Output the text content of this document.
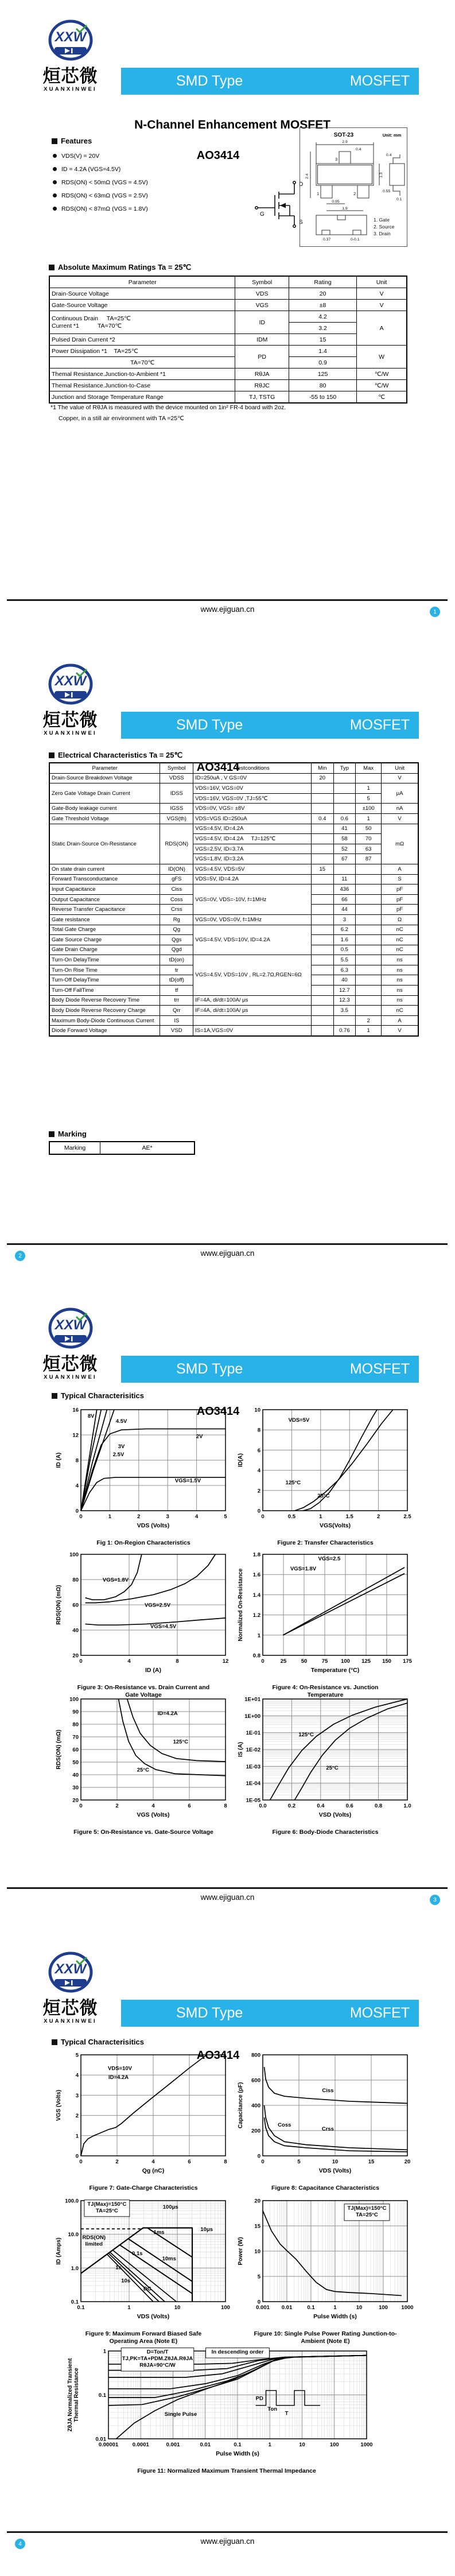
XXW
烜芯微
XUANXINWEI
SMD Type	MOSFET
N-Channel Enhancement MOSFET
AO3414
Features
VDS(V) = 20V
ID = 4.2A (VGS=4.5V)
RDS(ON) < 50mΩ (VGS = 4.5V)
RDS(ON) < 63mΩ (VGS = 2.5V)
RDS(ON) < 87mΩ (VGS = 1.8V)
G
D
S
SOT-23	Unit: mm
2.9
0.4
2.4	1.3
0.95
1.9
0.4
0.55
0.1
0.37	0-0.1
3
1	2
1. Gate
2. Source
3. Drain
Absolute Maximum Ratings Ta = 25℃
Parameter	Symbol	Rating	Unit
Drain-Source Voltage	VDS	20	V
Gate-Source Voltage	VGS	±8	V

Continuous Drain     TA=25℃
Current *1           TA=70℃	ID	4.2	A
		3.2	
Pulsed Drain Current *2	IDM	15	
Power Dissipation *1    TA=25℃	PD	1.4	W
TA=70℃		0.9	
Themal Resistance.Junction-to-Ambient *1	RθJA	125	℃/W
Themal Resistance.Junction-to-Case	RθJC	80	℃/W
Junction and Storage Temperature Range	TJ, TSTG	-55 to 150	℃
*1 The value of RθJA is measured with the device mounted on 1in² FR-4 board with 2oz.
Copper, in a still air environment with TA =25℃
www.ejiguan.cn	1
XXW
烜芯微
XUANXINWEI
SMD Type	MOSFET
AO3414
Electrical Characteristics Ta = 25℃
Parameter	Symbol	Testconditions	Min	Typ	Max	Unit
Drain-Source Breakdown Voltage	VDSS	ID=250uA , V GS=0V	20			V
Zero Gate Voltage Drain Current	IDSS	VDS=16V, VGS=0V			1	μA
		VDS=16V, VGS=0V ,TJ=55℃			5	
Gate-Body leakage current	IGSS	VDS=0V, VGS= ±8V			±100	nA
Gate Threshold Voltage	VGS(th)	VDS=VGS ID=250uA	0.4	0.6	1	V
Static Drain-Source On-Resistance	RDS(ON)	VGS=4.5V, ID=4.2A		41	50	mΩ
		VGS=4.5V, ID=4.2A     TJ=125℃		58	70	
		VGS=2.5V, ID=3.7A		52	63	
		VGS=1.8V, ID=3.2A		67	87	
On state drain current	ID(ON)	VGS=4.5V, VDS=5V	15			A
Forward Transconductance	gFS	VDS=5V, ID=4.2A		11		S
Input Capacitance	Ciss	VGS=0V, VDS=-10V, f=1MHz		436		pF
Output Capacitance	Coss			66		pF
Reverse Transfer Capacitance	Crss			44		pF
Gate resistance	Rg	VGS=0V, VDS=0V, f=1MHz		3		Ω
Total Gate Charge	Qg	VGS=4.5V, VDS=10V, ID=4.2A		6.2		nC
Gate Source Charge	Qgs			1.6		nC
Gate Drain Charge	Qgd			0.5		nC
Turn-On DelayTime	tD(on)	VGS=4.5V, VDS=10V , RL=2.7Ω,RGEN=6Ω		5.5		ns
Turn-On Rise Time	tr			6.3		ns
Turn-Off DelayTime	tD(off)			40		ns
Turn-Off FallTime	tf			12.7		ns
Body Diode Reverse Recovery Time	trr	IF=4A, di/dt=100A/ μs		12.3		ns
Body Diode Reverse Recovery Charge	Qrr	IF=4A, di/dt=100A/ μs		3.5		nC
Maximum Body-Diode Continuous Current	IS				2	A
Diode Forward Voltage	VSD	IS=1A,VGS=0V		0.76	1	V
Marking
Marking	AE*
www.ejiguan.cn
2
XXW
烜芯微
XUANXINWEI
SMD Type	MOSFET
AO3414
Typical Characterisitics
0	1	2	3	4	5
0
4
8
12
16
VDS (Volts)
ID (A)
8V
4.5V
3V
2.5V
2V
VGS=1.5V
Fig 1: On-Region Characteristics
0	0.5	1	1.5	2	2.5
0
2
4
6
8
10
VGS(Volts)
ID(A)
VDS=5V
125°C
25°C
Figure 2: Transfer Characteristics
0	4	8	12
20
40
60
80
100
ID (A)
RDS(ON) (mΩ)
VGS=1.8V
VGS=2.5V
VGS=4.5V
Figure 3: On-Resistance vs. Drain Current and
Gate Voltage
0	25	50	75 100 125 150 175
0.8
1
1.2
1.4
1.6
1.8
Temperature (°C)
Normalized On-Resistance
VGS=2.5
VGS=1.8V
Figure 4: On-Resistance vs. Junction
Temperature
0	2	4	6	8
20
30
40
50
60
70
80
90
100
VGS (Volts)
RDS(ON) (mΩ)
ID=4.2A
125°C
25°C
Figure 5: On-Resistance vs. Gate-Source Voltage
0.0	0.2	0.4	0.6	0.8	1.0
1E-05
1E-04
1E-03
1E-02
1E-01
1E+00
1E+01
VSD (Volts)
IS (A)
125°C
25°C
Figure 6: Body-Diode Characteristics
www.ejiguan.cn	3
XXW
烜芯微
XUANXINWEI
SMD Type	MOSFET
AO3414
Typical Characterisitics
0	2	4	6	8
0
1
2
3
4
5
Qg (nC)
VGS (Volts)
VDS=10V
ID=4.2A
Figure 7: Gate-Charge Characteristics
0	5	10	15	20
0
200
400
600
800
VDS (Volts)
Capacitance (pF)	Ciss
Coss
Crss
Figure 8: Capacitance Characteristics
0.1	1	10	100
0.1
1.0
10.0
100.0
VDS (Volts)
ID (Amps)
TJ(Max)=150°C
TA=25°C
RDS(ON)
limited
100μs
10μs
1ms
10ms
0.1s
1s
10s
DC
Figure 9: Maximum Forward Biased Safe
Operating Area (Note E)
0.001 0.01	0.1	1	10	100 1000
0
5
10
15
20
Pulse Width (s)
Power (W)
TJ(Max)=150°C
TA=25°C
Figure 10: Single Pulse Power Rating Junction-to-
Ambient (Note E)
0.00001	0.0001	0.001	0.01	0.1	1	10	100	1000
0.01
0.1
1
Pulse Width (s)
ZθJA Normalized Transient Thermal Resistance
D=Ton/T
TJ,PK=TA+PDM.ZθJA.RθJA
RθJA=90°C/W
In descending order
Single Pulse
PD
Ton
T
Figure 11: Normalized Maximum Transient Thermal Impedance
www.ejiguan.cn
4
